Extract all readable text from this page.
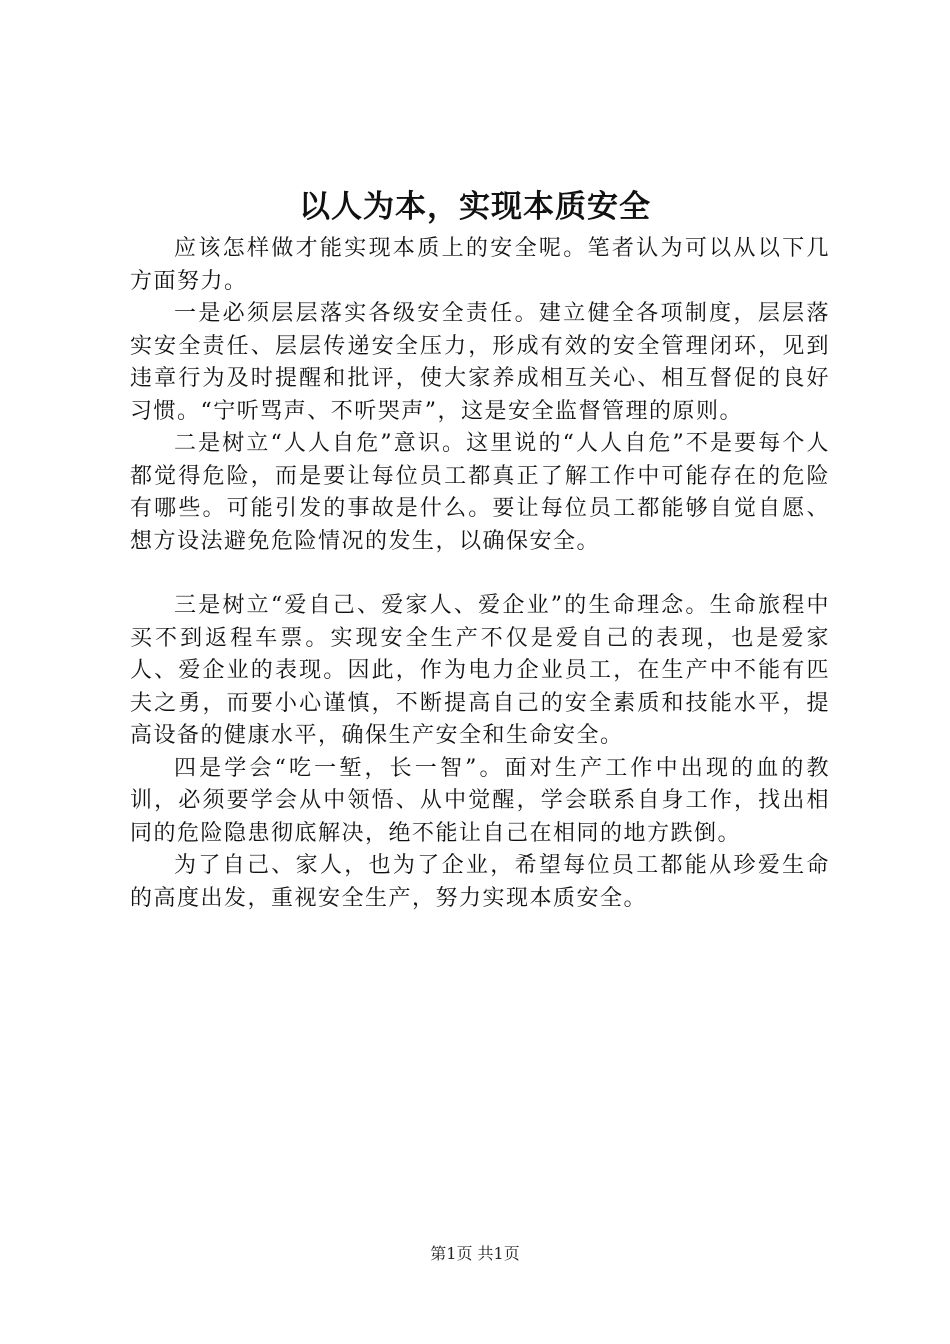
以人为本，实现本质安全

应该怎样做才能实现本质上的安全呢。笔者认为可以从以下几方面努力。

一是必须层层落实各级安全责任。建立健全各项制度，层层落实安全责任、层层传递安全压力，形成有效的安全管理闭环，见到违章行为及时提醒和批评，使大家养成相互关心、相互督促的良好习惯。“宁听骂声、不听哭声”，这是安全监督管理的原则。

二是树立“人人自危”意识。这里说的“人人自危”不是要每个人都觉得危险，而是要让每位员工都真正了解工作中可能存在的危险有哪些。可能引发的事故是什么。要让每位员工都能够自觉自愿、想方设法避免危险情况的发生，以确保安全。

三是树立“爱自己、爱家人、爱企业”的生命理念。生命旅程中买不到返程车票。实现安全生产不仅是爱自己的表现，也是爱家人、爱企业的表现。因此，作为电力企业员工，在生产中不能有匹夫之勇，而要小心谨慎，不断提高自己的安全素质和技能水平，提高设备的健康水平，确保生产安全和生命安全。

四是学会“吃一堑，长一智”。面对生产工作中出现的血的教训，必须要学会从中领悟、从中觉醒，学会联系自身工作，找出相同的危险隐患彻底解决，绝不能让自己在相同的地方跌倒。

为了自己、家人，也为了企业，希望每位员工都能从珍爱生命的高度出发，重视安全生产，努力实现本质安全。

第1页 共1页
